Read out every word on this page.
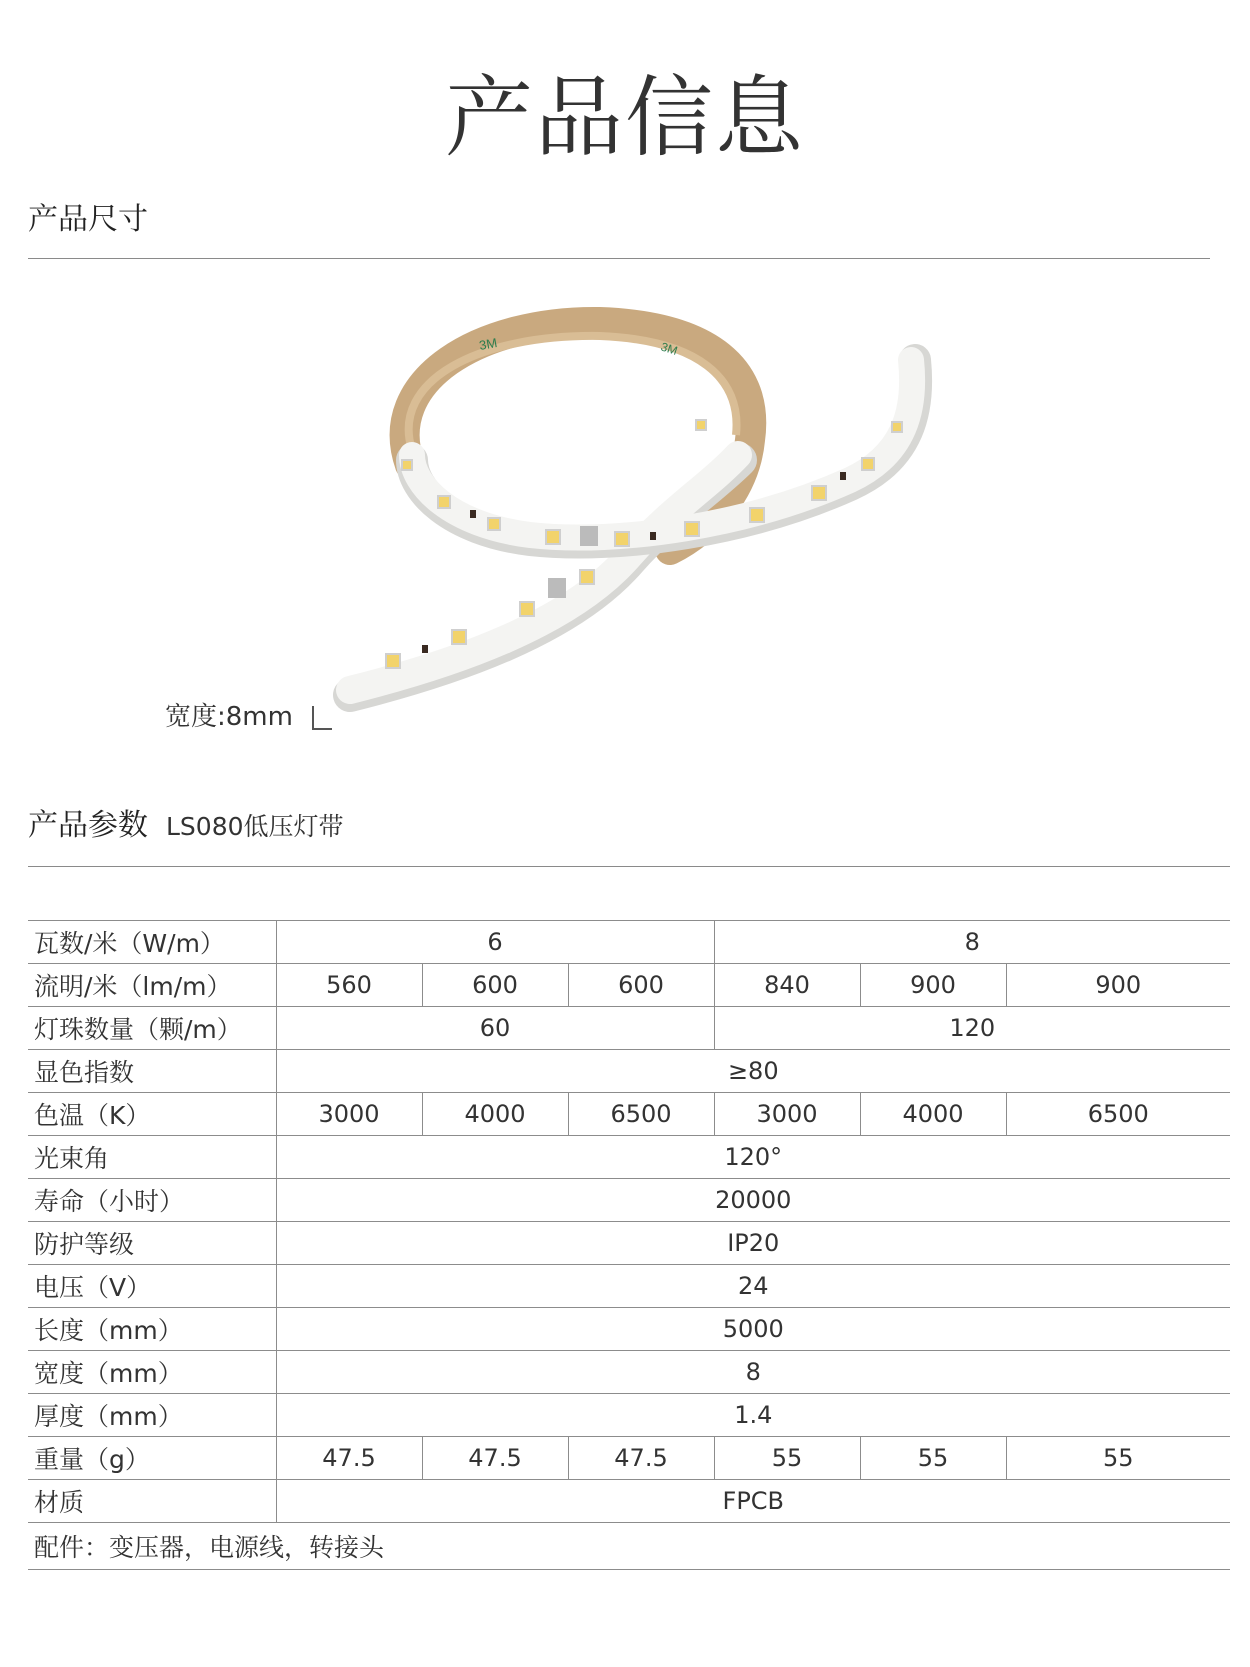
产品信息
产品尺寸
宽度:8mm
产品参数 LS080低压灯带
瓦数/米（W/m）	6			8		
流明/米（lm/m）	560	600	600	840	900	900
灯珠数量（颗/m）	60			120		
显色指数	≥80					
色温（K）	3000	4000	6500	3000	4000	6500
光束角	120°					
寿命（小时）	20000					
防护等级	IP20					
电压（V）	24					
长度（mm）	5000					
宽度（mm）	8					
厚度（mm）	1.4					
重量（g）	47.5	47.5	47.5	55	55	55
材质	FPCB					
配件：变压器，电源线，转接头						
